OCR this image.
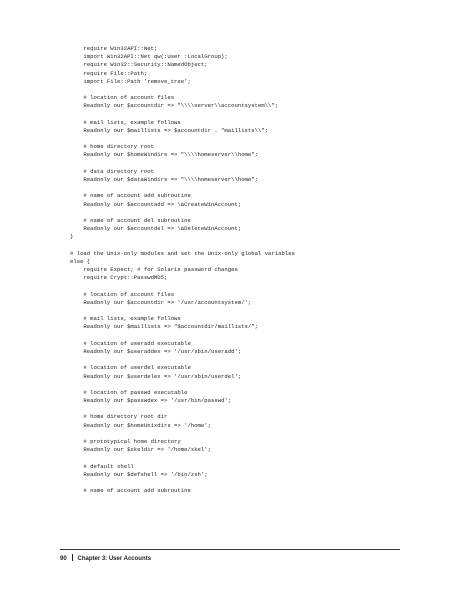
require Win32API::Net;
import Win32API::Net qw(:User :LocalGroup);
require Win32::Security::NamedObject;
require File::Path;
import File::Path 'remove_tree';

# location of account files
Readonly our $accountdir => "\\\\server\\accountsystem\\";

# mail lists, example follows
Readonly our $maillists => $accountdir . "maillists\\";

# home directory root
Readonly our $homeWindirs => "\\\\homeserver\\home";

# data directory root
Readonly our $dataWindirs => "\\\\homeserver\\home";

# name of account add subroutine
Readonly our $accountadd => \&CreateWinAccount;

# name of account del subroutine
Readonly our $accountdel => \&DeleteWinAccount;
}

# load the Unix-only modules and set the Unix-only global variables
else {
require Expect; # for Solaris password changes
require Crypt::PasswdMD5;

# location of account files
Readonly our $accountdir => '/usr/accountsystem/';

# mail lists, example follows
Readonly our $maillists => "$accountdir/maillists/";

# location of useradd executable
Readonly our $useraddex => '/usr/sbin/useradd';

# location of userdel executable
Readonly our $userdelex => '/usr/sbin/userdel';

# location of passwd executable
Readonly our $passwdex => '/usr/bin/passwd';

# home directory root dir
Readonly our $homeUnixdirs => '/home';

# prototypical home directory
Readonly our $skeldir => '/home/skel';

# default shell
Readonly our $defshell => '/bin/zsh';

# name of account add subroutine
90 Chapter 3: User Accounts
